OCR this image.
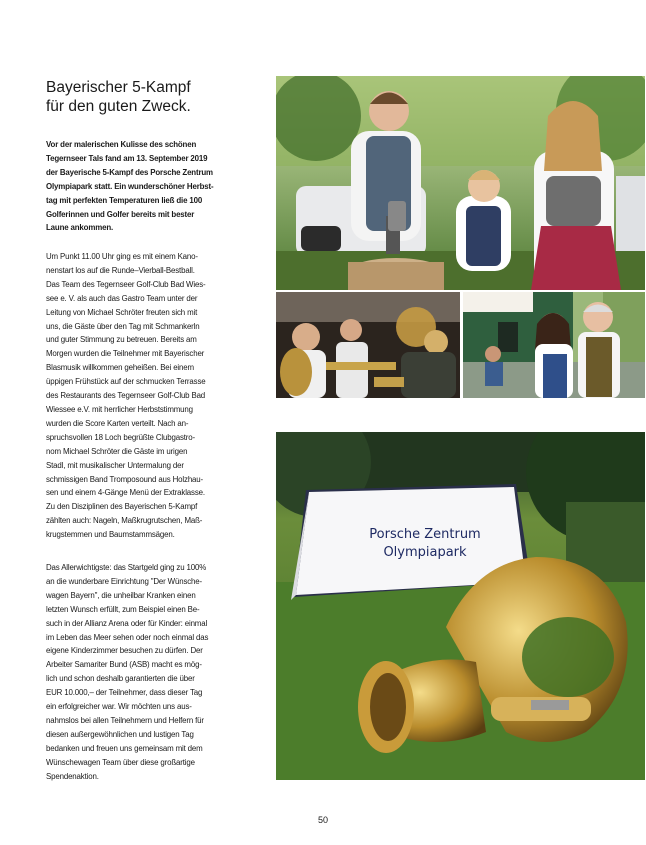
Bayerischer 5-Kampf
für den guten Zweck.

Vor der malerischen Kulisse des schönen
Tegernseer Tals fand am 13. September 2019
der Bayerische 5-Kampf des Porsche Zentrum
Olympiapark statt. Ein wunderschöner Herbst-
tag mit perfekten Temperaturen ließ die 100
Golferinnen und Golfer bereits mit bester
Laune ankommen.

Um Punkt 11.00 Uhr ging es mit einem Kano-
nenstart los auf die Runde–Vierball-Bestball.
Das Team des Tegernseer Golf-Club Bad Wies-
see e. V. als auch das Gastro Team unter der
Leitung von Michael Schröter freuten sich mit
uns, die Gäste über den Tag mit Schmankerln
und guter Stimmung zu betreuen. Bereits am
Morgen wurden die Teilnehmer mit Bayerischer
Blasmusik willkommen geheißen. Bei einem
üppigen Frühstück auf der schmucken Terrasse
des Restaurants des Tegernseer Golf-Club Bad
Wiessee e.V. mit herrlicher Herbststimmung
wurden die Score Karten verteilt. Nach an-
spruchsvollen 18 Loch begrüßte Clubgastro-
nom Michael Schröter die Gäste im urigen
Stadl, mit musikalischer Untermalung der
schmissigen Band Tromposound aus Holzhau-
sen und einem 4-Gänge Menü der Extraklasse.
Zu den Disziplinen des Bayerischen 5-Kampf
zählten auch: Nageln, Maßkrugrutschen, Maß-
krugstemmen und Baumstammsägen.

Das Allerwichtigste: das Startgeld ging zu 100%
an die wunderbare Einrichtung "Der Wünsche-
wagen Bayern", die unheilbar Kranken einen
letzten Wunsch erfüllt, zum Beispiel einen Be-
such in der Allianz Arena oder für Kinder: einmal
im Leben das Meer sehen oder noch einmal das
eigene Kinderzimmer besuchen zu dürfen. Der
Arbeiter Samariter Bund (ASB) macht es mög-
lich und schon deshalb garantierten die über
EUR 10.000,– der Teilnehmer, dass dieser Tag
ein erfolgreicher war. Wir möchten uns aus-
nahmslos bei allen Teilnehmern und Helfern für
diesen außergewöhnlichen und lustigen Tag
bedanken und freuen uns gemeinsam mit dem
Wünschewagen Team über diese großartige
Spendenaktion.

Porsche Zentrum
Olympiapark
50
